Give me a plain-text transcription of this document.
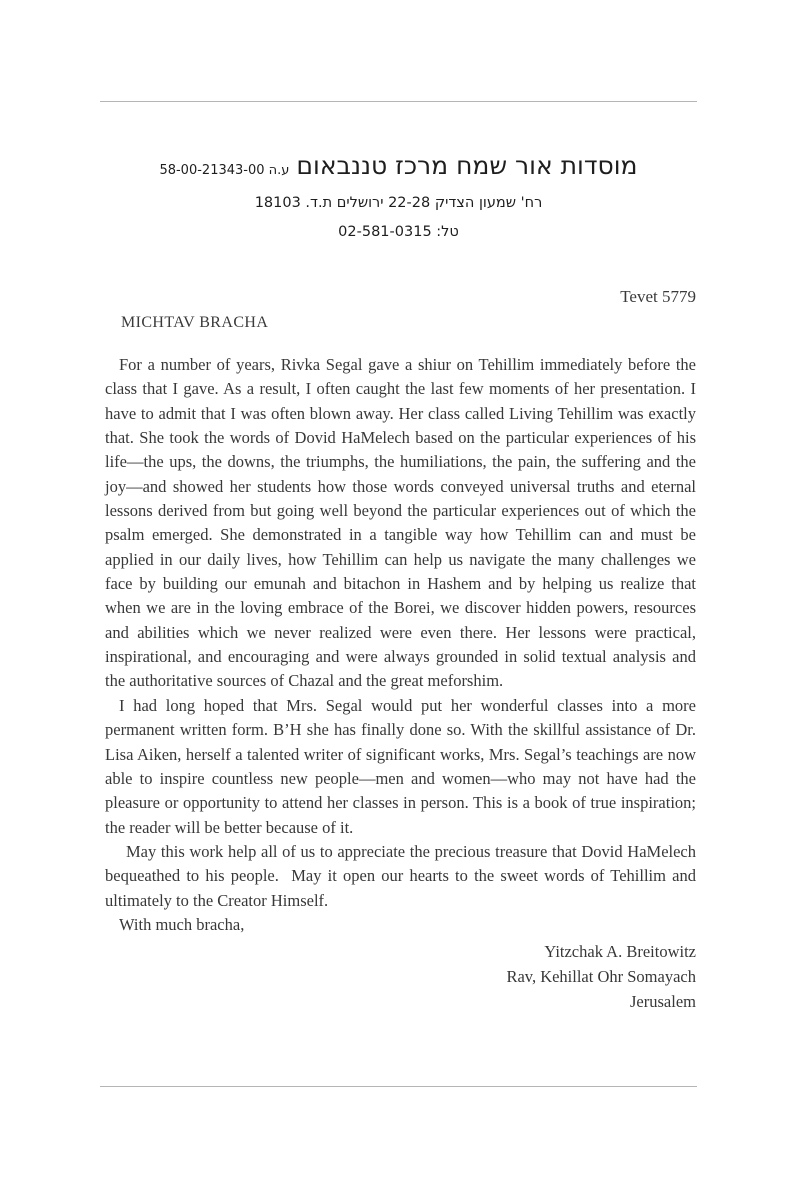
מוסדות אור שמח מרכז טננבאוםע.ה 58-00-21343-00
רח' שמעון הצדיק 22-28 ירושלים ת.ד. 18103
טל: 02-581-0315
Tevet 5779
MICHTAV BRACHA

For a number of years, Rivka Segal gave a shiur on Tehillim immediately before the class that I gave. As a result, I often caught the last few moments of her presentation. I have to admit that I was often blown away. Her class called Living Tehillim was exactly that. She took the words of Dovid HaMelech based on the particular experiences of his life—the ups, the downs, the triumphs, the humiliations, the pain, the suffering and the joy—and showed her students how those words conveyed universal truths and eternal lessons derived from but going well beyond the particular experiences out of which the psalm emerged. She demonstrated in a tangible way how Tehillim can and must be applied in our daily lives, how Tehillim can help us navigate the many challenges we face by building our emunah and bitachon in Hashem and by helping us realize that when we are in the loving embrace of the Borei, we discover hidden powers, resources and abilities which we never realized were even there. Her lessons were practical, inspirational, and encouraging and were always grounded in solid textual analysis and the authoritative sources of Chazal and the great meforshim.

I had long hoped that Mrs. Segal would put her wonderful classes into a more permanent written form. B’H she has finally done so. With the skillful assistance of Dr. Lisa Aiken, herself a talented writer of significant works, Mrs. Segal’s teachings are now able to inspire countless new people—men and women—who may not have had the pleasure or opportunity to attend her classes in person. This is a book of true inspiration; the reader will be better because of it.

May this work help all of us to appreciate the precious treasure that Dovid HaMelech bequeathed to his people.  May it open our hearts to the sweet words of Tehillim and ultimately to the Creator Himself.

With much bracha,

Yitzchak A. Breitowitz
Rav, Kehillat Ohr Somayach
Jerusalem
